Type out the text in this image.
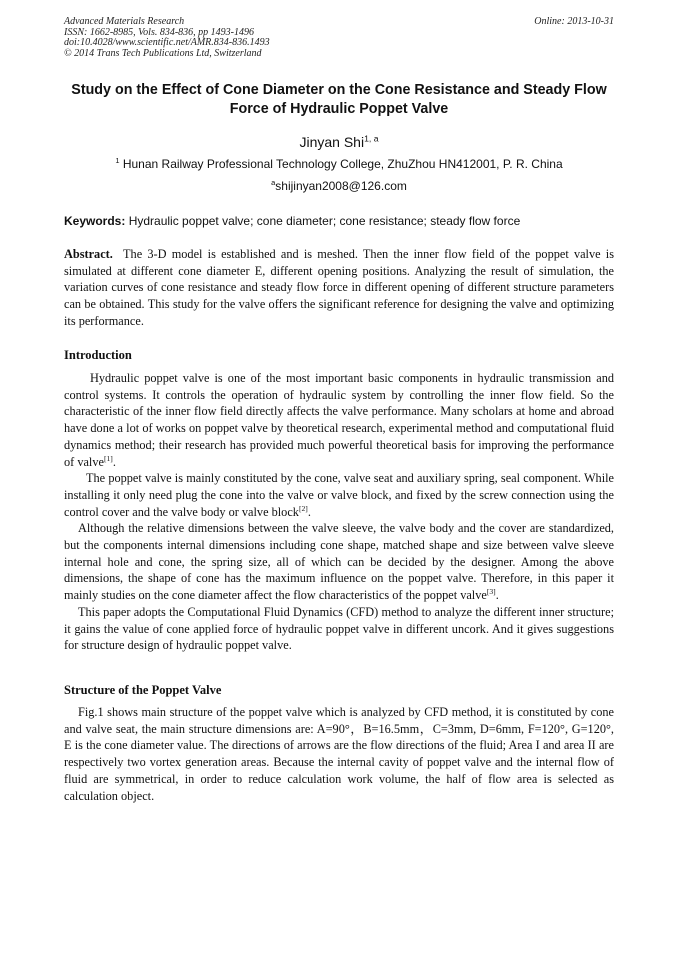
Advanced Materials Research
ISSN: 1662-8985, Vols. 834-836, pp 1493-1496
doi:10.4028/www.scientific.net/AMR.834-836.1493
© 2014 Trans Tech Publications Ltd, Switzerland
Online: 2013-10-31
Study on the Effect of Cone Diameter on the Cone Resistance and Steady Flow Force of Hydraulic Poppet Valve
Jinyan Shi$^{1, a}$
$^1$ Hunan Railway Professional Technology College, ZhuZhou HN412001, P. R. China
$^a$shijinyan2008@126.com
Keywords: Hydraulic poppet valve; cone diameter; cone resistance; steady flow force
Abstract. The 3-D model is established and is meshed. Then the inner flow field of the poppet valve is simulated at different cone diameter E, different opening positions. Analyzing the result of simulation, the variation curves of cone resistance and steady flow force in different opening of different structure parameters can be obtained. This study for the valve offers the significant reference for designing the valve and optimizing its performance.
Introduction

Hydraulic poppet valve is one of the most important basic components in hydraulic transmission and control systems. It controls the operation of hydraulic system by controlling the inner flow field. So the characteristic of the inner flow field directly affects the valve performance. Many scholars at home and abroad have done a lot of works on poppet valve by theoretical research, experimental method and computational fluid dynamics method; their research has provided much powerful theoretical basis for improving the performance of valve[1].

The poppet valve is mainly constituted by the cone, valve seat and auxiliary spring, seal component. While installing it only need plug the cone into the valve or valve block, and fixed by the screw connection using the control cover and the valve body or valve block[2].

Although the relative dimensions between the valve sleeve, the valve body and the cover are standardized, but the components internal dimensions including cone shape, matched shape and size between valve sleeve internal hole and cone, the spring size, all of which can be decided by the designer. Among the above dimensions, the shape of cone has the maximum influence on the poppet valve. Therefore, in this paper it mainly studies on the cone diameter affect the flow characteristics of the poppet valve[3].

This paper adopts the Computational Fluid Dynamics (CFD) method to analyze the different inner structure; it gains the value of cone applied force of hydraulic poppet valve in different uncork. And it gives suggestions for structure design of hydraulic poppet valve.

Structure of the Poppet Valve

Fig.1 shows main structure of the poppet valve which is analyzed by CFD method, it is constituted by cone and valve seat, the main structure dimensions are: A=90°，B=16.5mm，C=3mm, D=6mm, F=120°, G=120°, E is the cone diameter value. The directions of arrows are the flow directions of the fluid; Area I and area II are respectively two vortex generation areas. Because the internal cavity of poppet valve and the internal flow of fluid are symmetrical, in order to reduce calculation work volume, the half of flow area is selected as calculation object.
